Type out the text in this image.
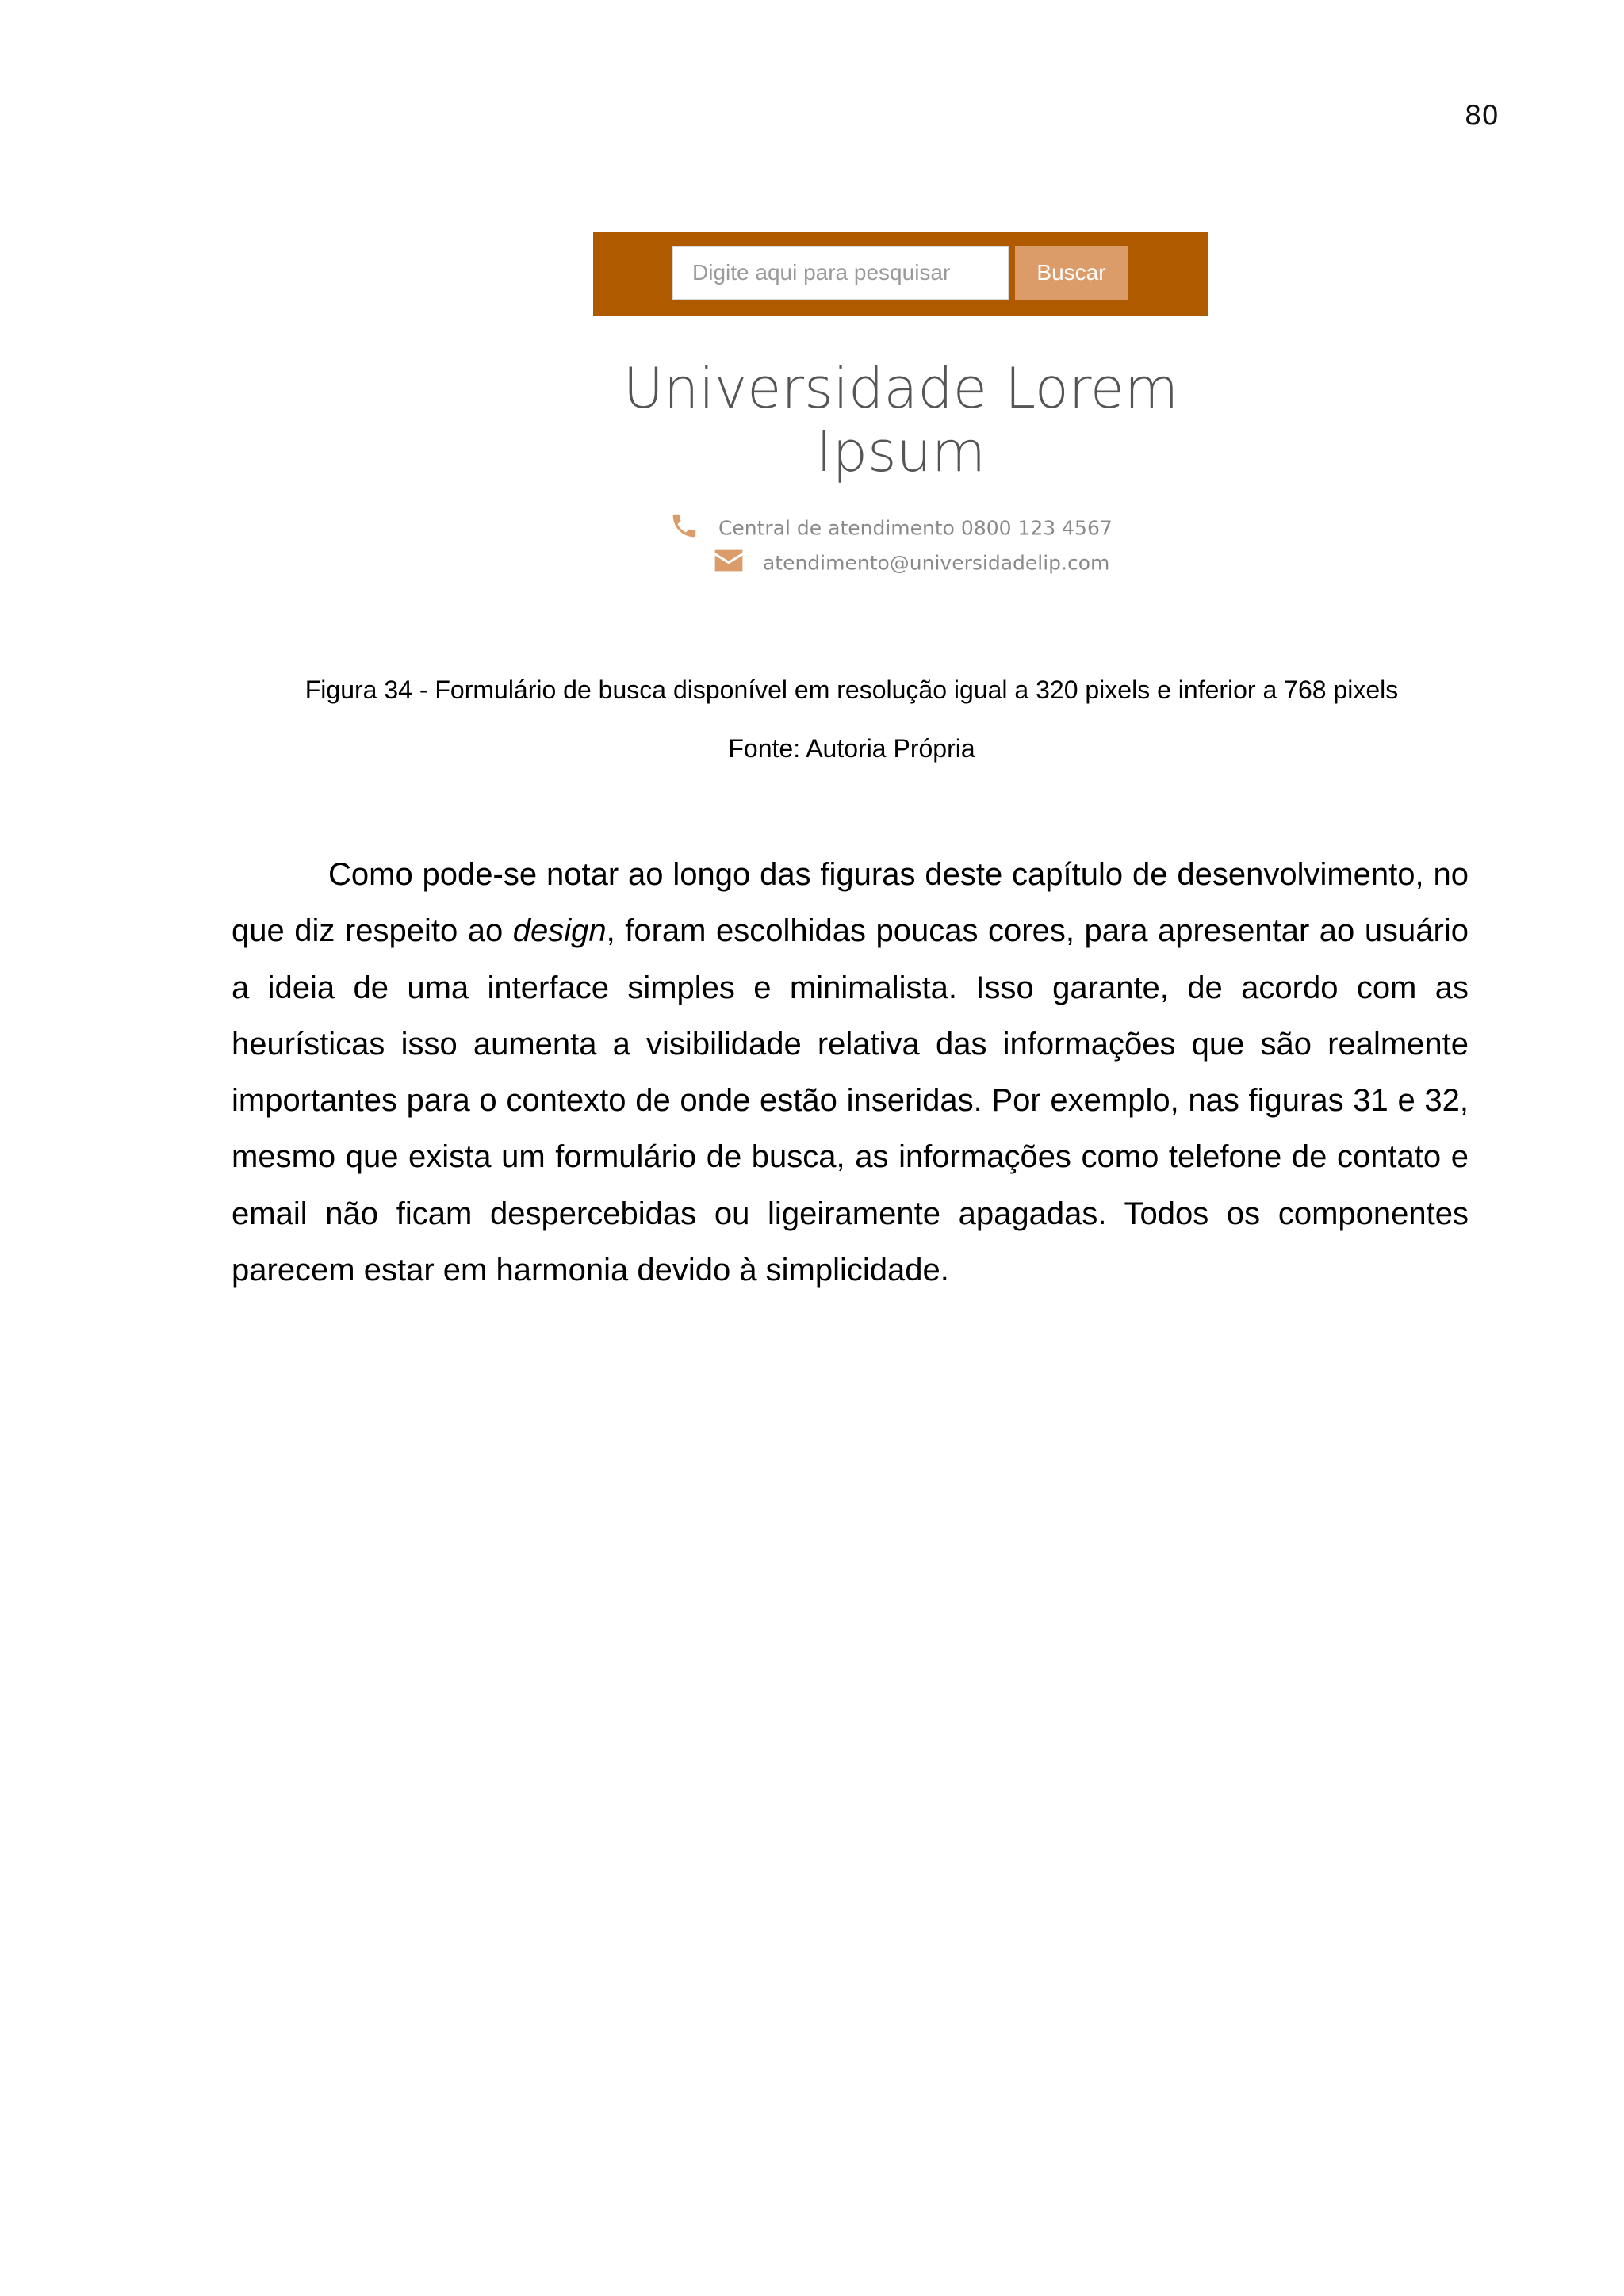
80
Digite aqui para pesquisar
Buscar
Universidade Lorem
Ipsum
Central de atendimento 0800 123 4567
atendimento@universidadelip.com
Figura 34 - Formulário de busca disponível em resolução igual a 320 pixels e inferior a 768 pixels
Fonte: Autoria Própria

Como pode-se notar ao longo das figuras deste capítulo de desenvolvimento, no que diz respeito ao design, foram escolhidas poucas cores, para apresentar ao usuário a ideia de uma interface simples e minimalista. Isso garante, de acordo com as heurísticas isso aumenta a visibilidade relativa das informações que são realmente importantes para o contexto de onde estão inseridas. Por exemplo, nas figuras 31 e 32, mesmo que exista um formulário de busca, as informações como telefone de contato e email não ficam despercebidas ou ligeiramente apagadas. Todos os componentes parecem estar em harmonia devido à simplicidade.
